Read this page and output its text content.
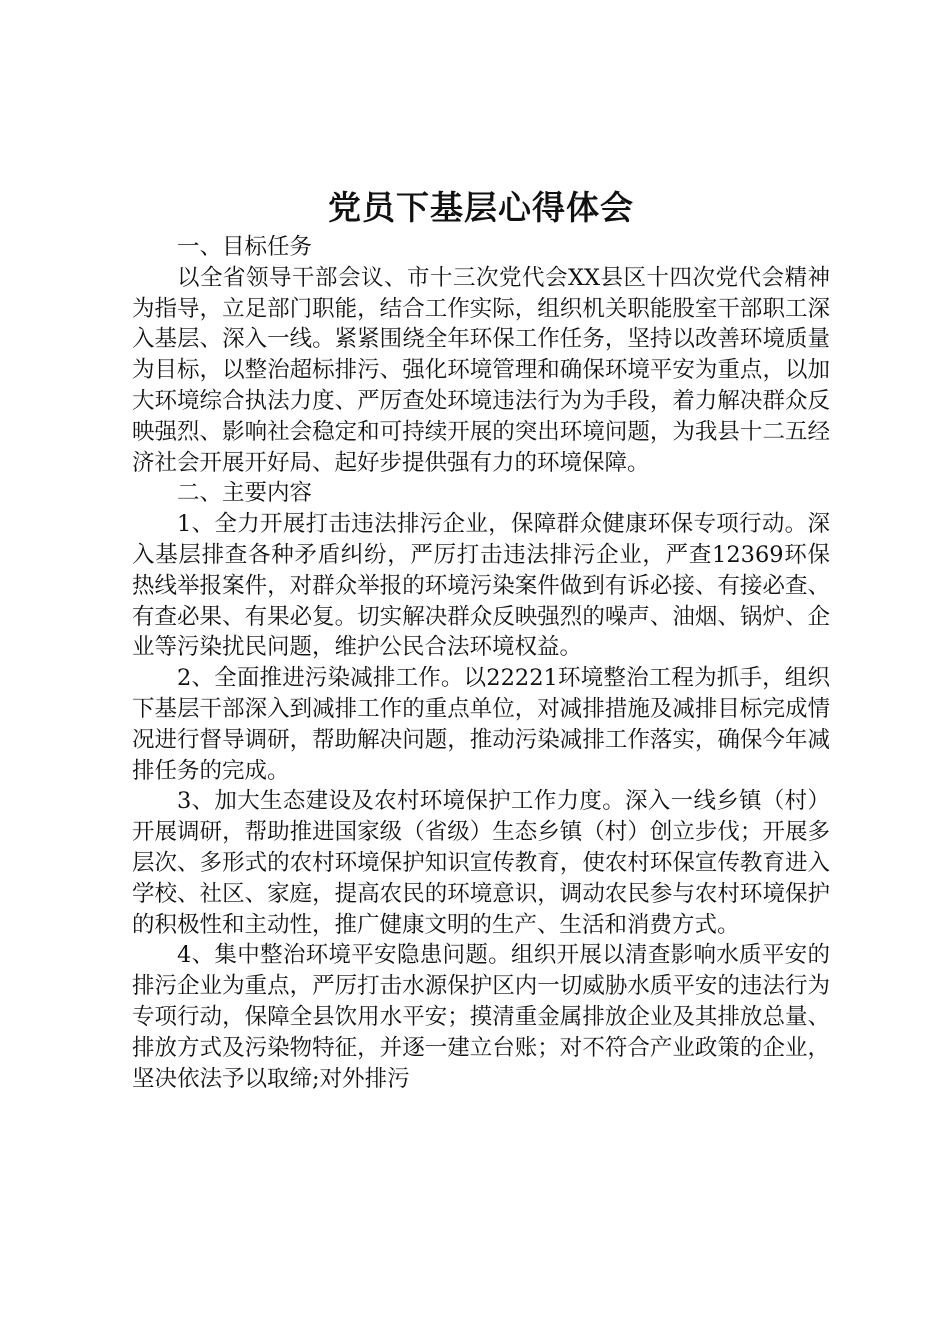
党员下基层心得体会

一、目标任务

以全省领导干部会议、市十三次党代会XX县区十四次党代会精神为指导，立足部门职能，结合工作实际，组织机关职能股室干部职工深入基层、深入一线。紧紧围绕全年环保工作任务，坚持以改善环境质量为目标，以整治超标排污、强化环境管理和确保环境平安为重点，以加大环境综合执法力度、严厉查处环境违法行为为手段，着力解决群众反映强烈、影响社会稳定和可持续开展的突出环境问题，为我县十二五经济社会开展开好局、起好步提供强有力的环境保障。

二、主要内容

1、全力开展打击违法排污企业，保障群众健康环保专项行动。深入基层排查各种矛盾纠纷，严厉打击违法排污企业，严查12369环保热线举报案件，对群众举报的环境污染案件做到有诉必接、有接必查、有查必果、有果必复。切实解决群众反映强烈的噪声、油烟、锅炉、企业等污染扰民问题，维护公民合法环境权益。

2、全面推进污染减排工作。以22221环境整治工程为抓手，组织下基层干部深入到减排工作的重点单位，对减排措施及减排目标完成情况进行督导调研，帮助解决问题，推动污染减排工作落实，确保今年减排任务的完成。

3、加大生态建设及农村环境保护工作力度。深入一线乡镇（村）开展调研，帮助推进国家级（省级）生态乡镇（村）创立步伐；开展多层次、多形式的农村环境保护知识宣传教育，使农村环保宣传教育进入学校、社区、家庭，提高农民的环境意识，调动农民参与农村环境保护的积极性和主动性，推广健康文明的生产、生活和消费方式。

4、集中整治环境平安隐患问题。组织开展以清查影响水质平安的排污企业为重点，严厉打击水源保护区内一切威胁水质平安的违法行为专项行动，保障全县饮用水平安；摸清重金属排放企业及其排放总量、排放方式及污染物特征，并逐一建立台账；对不符合产业政策的企业，坚决依法予以取缔;对外排污
